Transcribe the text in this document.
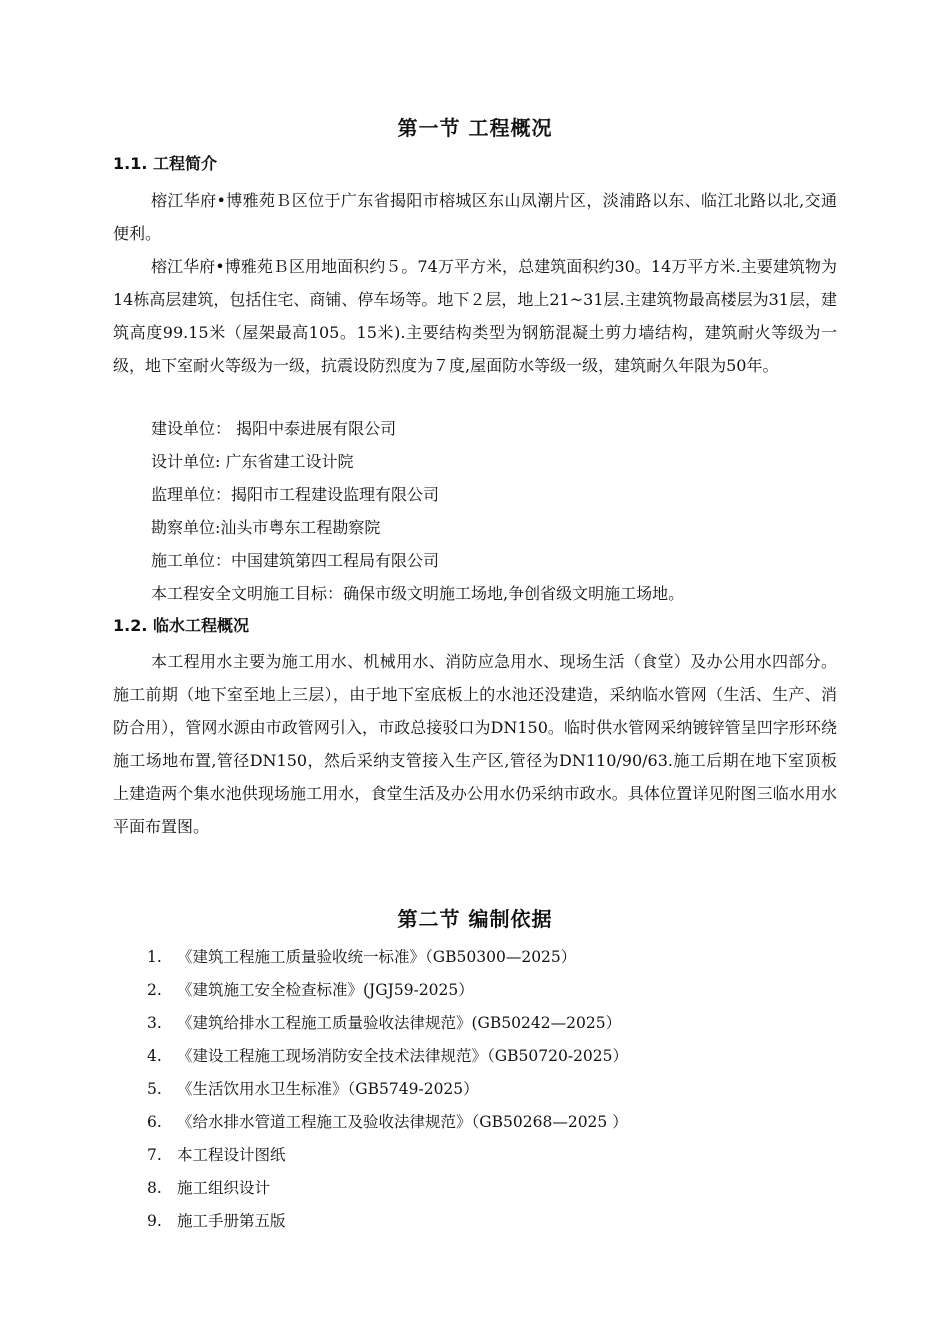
第一节 工程概况
1.1. 工程简介

榕江华府•博雅苑Ｂ区位于广东省揭阳市榕城区东山凤潮片区，淡浦路以东、临江北路以北,交通便利。

榕江华府•博雅苑Ｂ区用地面积约５。74万平方米，总建筑面积约30。14万平方米.主要建筑物为14栋高层建筑，包括住宅、商铺、停车场等。地下２层，地上21~31层.主建筑物最高楼层为31层，建筑高度99.15米（屋架最高105。15米).主要结构类型为钢筋混凝土剪力墙结构，建筑耐火等级为一级，地下室耐火等级为一级，抗震设防烈度为７度,屋面防水等级一级，建筑耐久年限为50年。

建设单位： 揭阳中泰进展有限公司
设计单位: 广东省建工设计院
监理单位：揭阳市工程建设监理有限公司
勘察单位:汕头市粤东工程勘察院
施工单位：中国建筑第四工程局有限公司
本工程安全文明施工目标：确保市级文明施工场地,争创省级文明施工场地。
1.2. 临水工程概况

本工程用水主要为施工用水、机械用水、消防应急用水、现场生活（食堂）及办公用水四部分。施工前期（地下室至地上三层），由于地下室底板上的水池还没建造，采纳临水管网（生活、生产、消防合用），管网水源由市政管网引入，市政总接驳口为DN150。临时供水管网采纳镀锌管呈凹字形环绕施工场地布置,管径DN150，然后采纳支管接入生产区,管径为DN110/90/63.施工后期在地下室顶板上建造两个集水池供现场施工用水，食堂生活及办公用水仍采纳市政水。具体位置详见附图三临水用水平面布置图。

第二节 编制依据
1. 《建筑工程施工质量验收统一标准》（GB50300—2025）
2. 《建筑施工安全检查标准》(JGJ59-2025）
3. 《建筑给排水工程施工质量验收法律规范》(GB50242—2025）
4. 《建设工程施工现场消防安全技术法律规范》（GB50720-2025）
5. 《生活饮用水卫生标准》（GB5749-2025）
6. 《给水排水管道工程施工及验收法律规范》（GB50268—2025 ）
7. 本工程设计图纸
8. 施工组织设计
9. 施工手册第五版
